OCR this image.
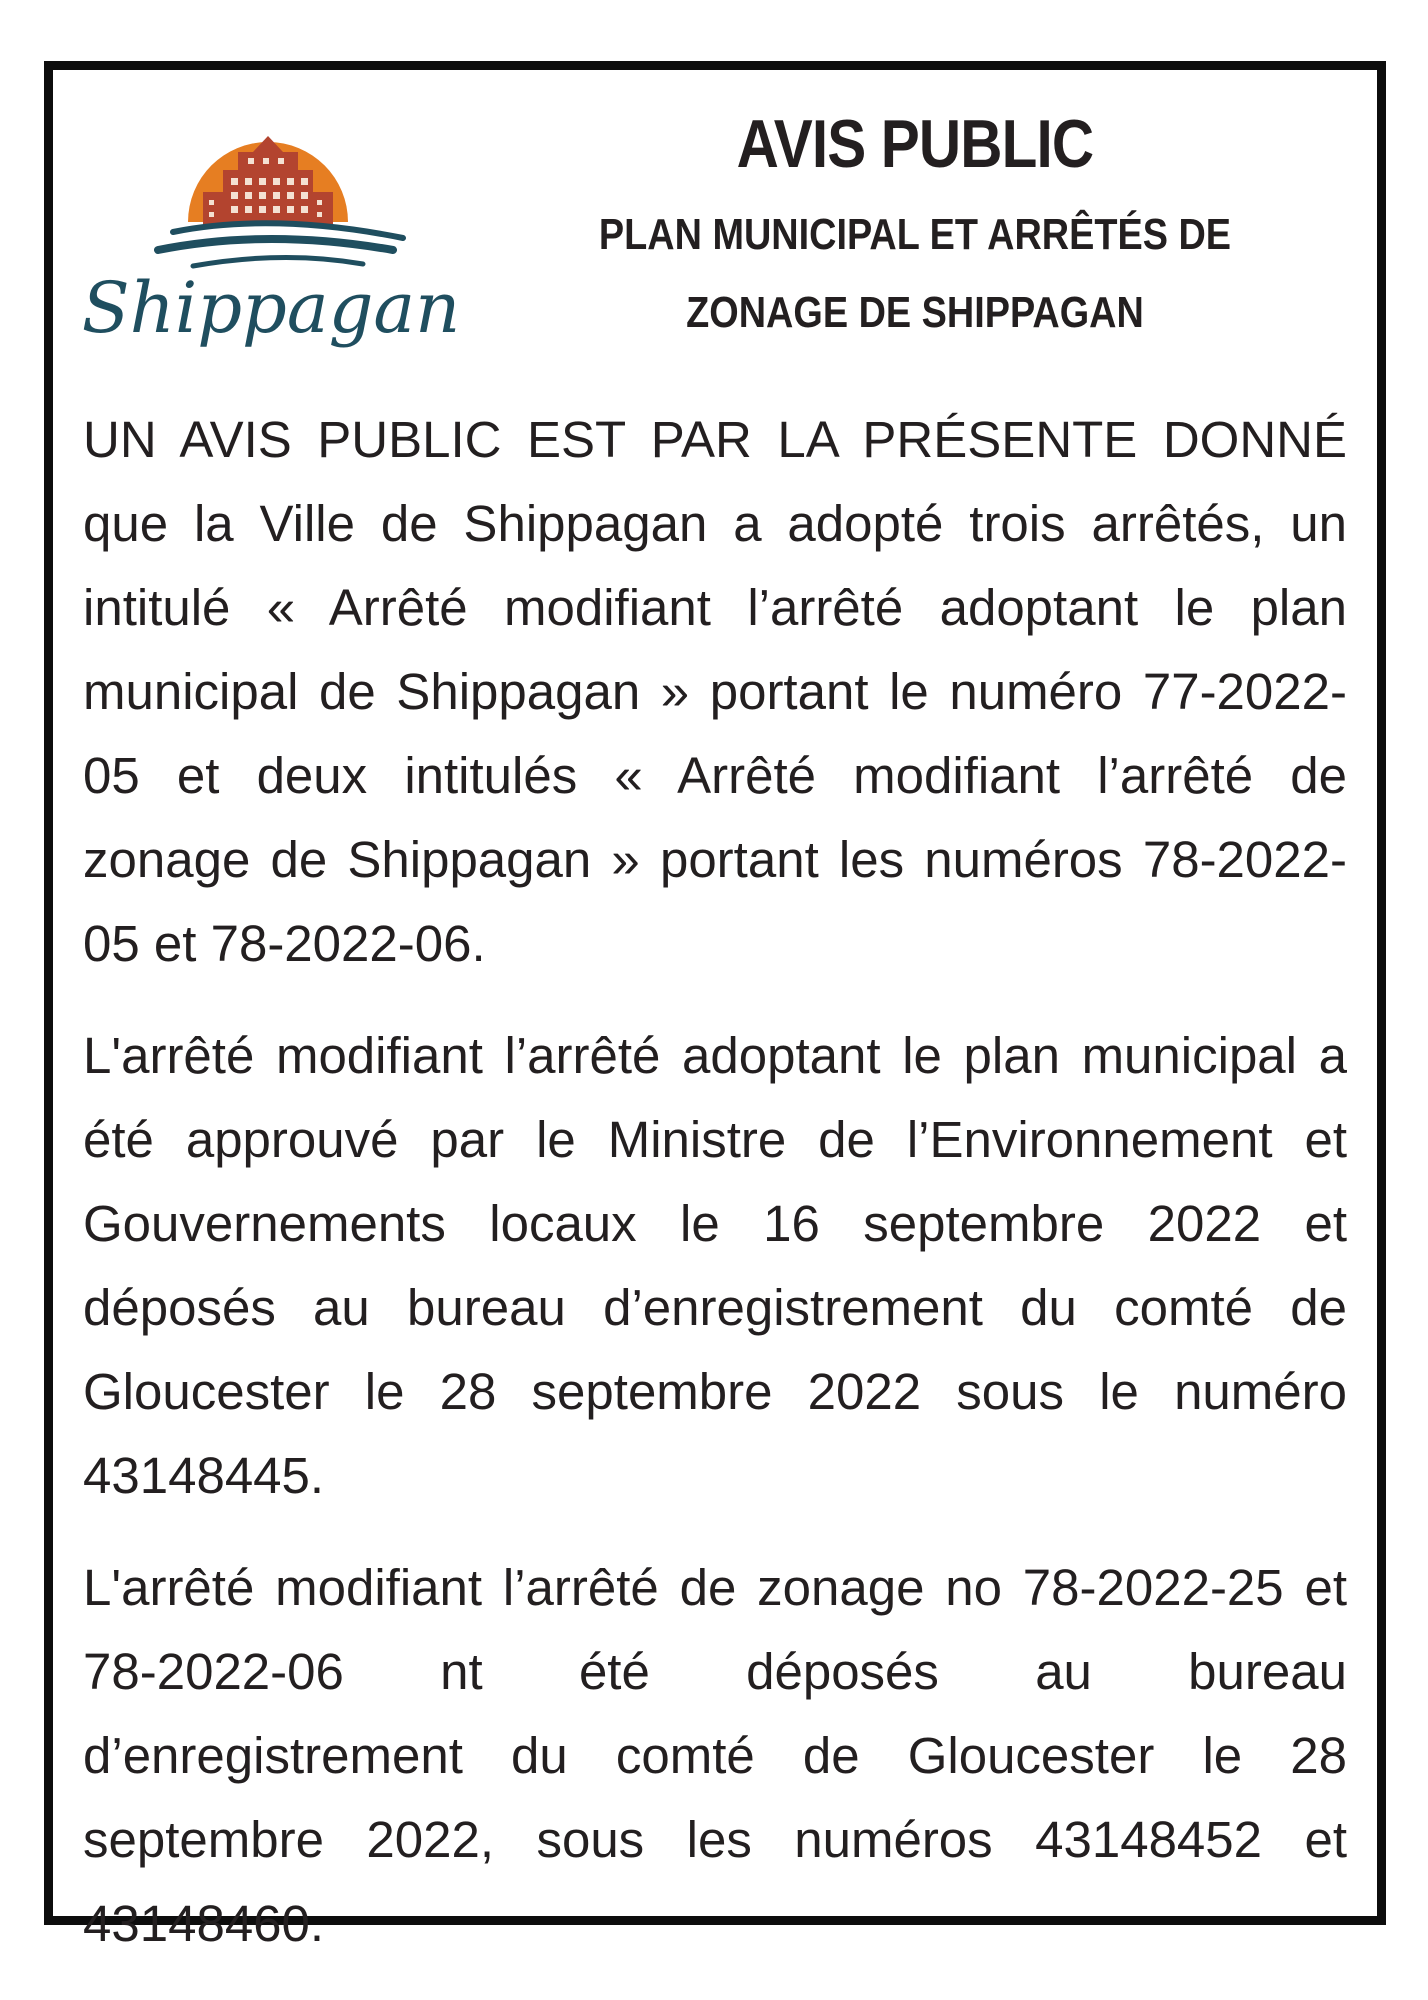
Shippagan
AVIS PUBLIC
PLAN MUNICIPAL ET ARRÊTÉS DE
ZONAGE DE SHIPPAGAN

UN AVIS PUBLIC EST PAR LA PRÉSENTE DONNÉ
que la Ville de Shippagan a adopté trois arrêtés, un
intitulé « Arrêté modifiant l’arrêté adoptant le plan
municipal de Shippagan » portant le numéro 77-2022-
05 et deux intitulés « Arrêté modifiant l’arrêté de
zonage de Shippagan » portant les numéros 78-2022-
05 et 78-2022-06.

L'arrêté modifiant l’arrêté adoptant le plan municipal a
été approuvé par le Ministre de l’Environnement et
Gouvernements locaux le 16 septembre 2022 et
déposés au bureau d’enregistrement du comté de
Gloucester le 28 septembre 2022 sous le numéro
43148445.

L'arrêté modifiant l’arrêté de zonage no 78-2022-25 et
78-2022-06 nt été déposés au bureau
d’enregistrement du comté de Gloucester le 28
septembre 2022, sous les numéros 43148452 et
43148460.
